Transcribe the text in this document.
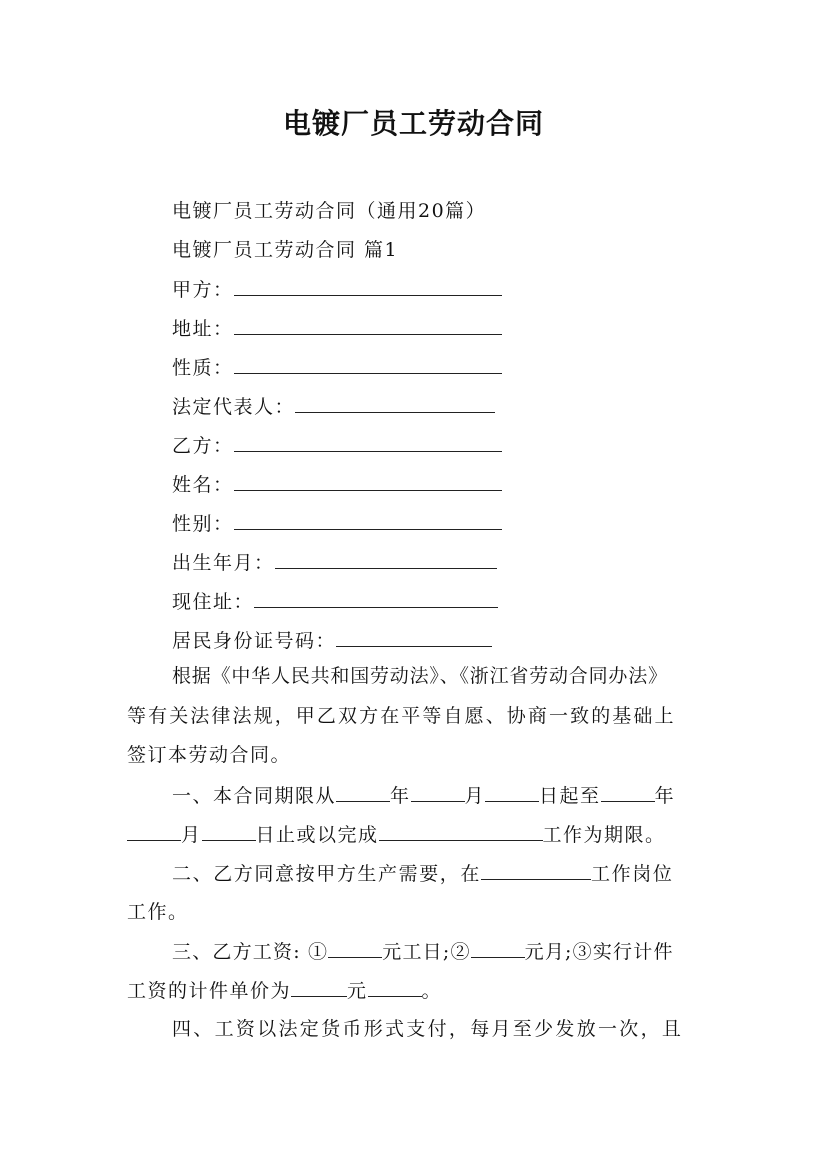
电镀厂员工劳动合同
电镀厂员工劳动合同（通用20篇）
电镀厂员工劳动合同 篇1
甲方：
地址：
性质：
法定代表人：
乙方：
姓名：
性别：
出生年月：
现住址：
居民身份证号码：
根据《中华人民共和国劳动法》、《浙江省劳动合同办法》
等有关法律法规，甲乙双方在平等自愿、协商一致的基础上
签订本劳动合同。
一、本合同期限从	年	月	日起至	年
月	日止或以完成	工作为期限。
二、乙方同意按甲方生产需要，在	工作岗位
工作。
三、乙方工资: ①	元工日;②	元月;③实行计件
工资的计件单价为	元	。
四、工资以法定货币形式支付，每月至少发放一次，且
